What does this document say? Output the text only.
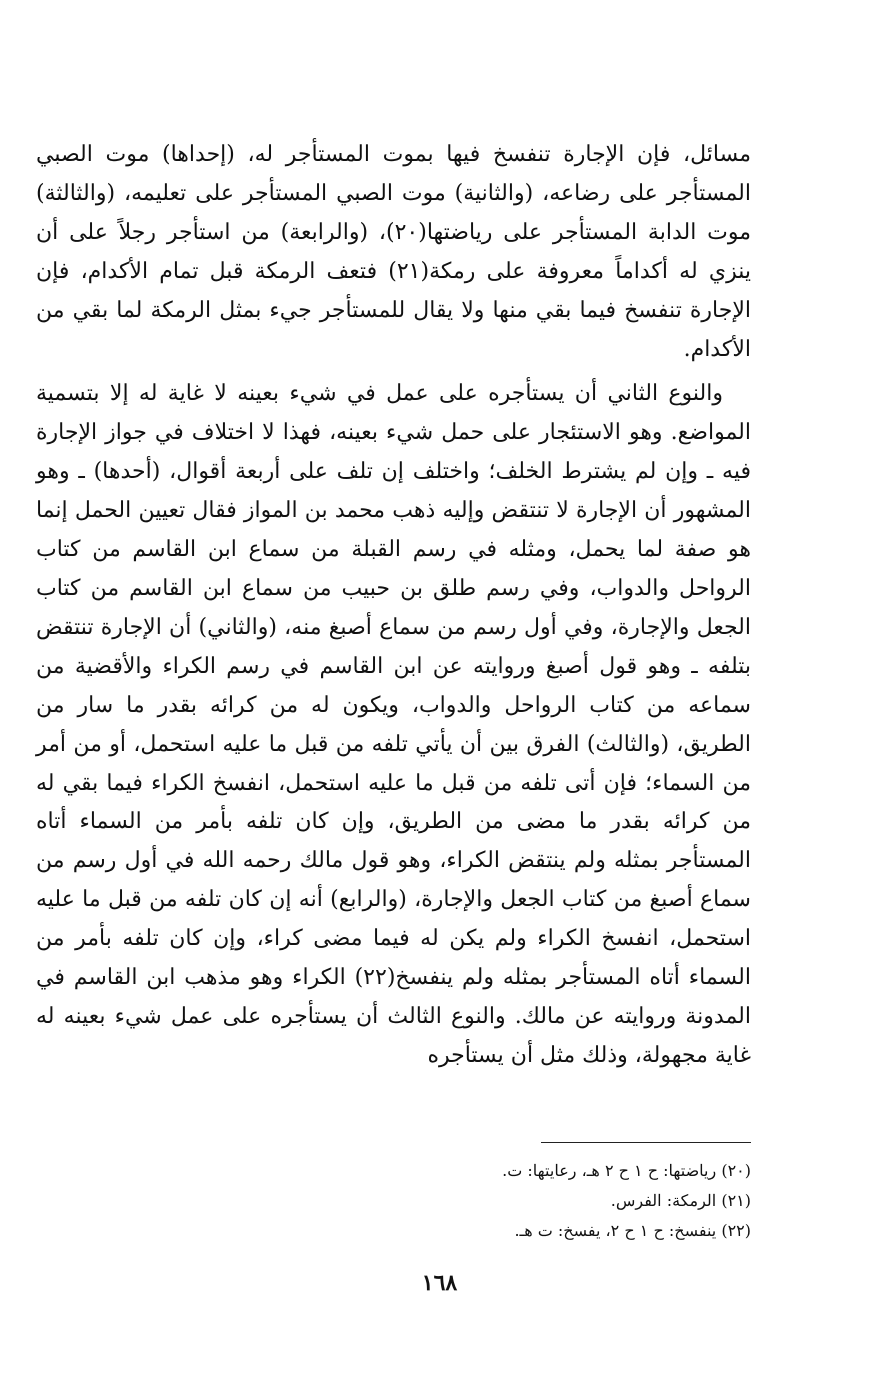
مسائل، فإن الإجارة تنفسخ فيها بموت المستأجر له، (إحداها) موت الصبي المستأجر على رضاعه، (والثانية) موت الصبي المستأجر على تعليمه، (والثالثة) موت الدابة المستأجر على رياضتها(٢٠)، (والرابعة) من استأجر رجلاً على أن ينزي له أكداماً معروفة على رمكة(٢١) فتعف الرمكة قبل تمام الأكدام، فإن الإجارة تنفسخ فيما بقي منها ولا يقال للمستأجر جيء بمثل الرمكة لما بقي من الأكدام.

والنوع الثاني أن يستأجره على عمل في شيء بعينه لا غاية له إلا بتسمية المواضع. وهو الاستئجار على حمل شيء بعينه، فهذا لا اختلاف في جواز الإجارة فيه ـ وإن لم يشترط الخلف؛ واختلف إن تلف على أربعة أقوال، (أحدها) ـ وهو المشهور أن الإجارة لا تنتقض وإليه ذهب محمد بن المواز فقال تعيين الحمل إنما هو صفة لما يحمل، ومثله في رسم القبلة من سماع ابن القاسم من كتاب الرواحل والدواب، وفي رسم طلق بن حبيب من سماع ابن القاسم من كتاب الجعل والإجارة، وفي أول رسم من سماع أصبغ منه، (والثاني) أن الإجارة تنتقض بتلفه ـ وهو قول أصبغ وروايته عن ابن القاسم في رسم الكراء والأقضية من سماعه من كتاب الرواحل والدواب، ويكون له من كرائه بقدر ما سار من الطريق، (والثالث) الفرق بين أن يأتي تلفه من قبل ما عليه استحمل، أو من أمر من السماء؛ فإن أتى تلفه من قبل ما عليه استحمل، انفسخ الكراء فيما بقي له من كرائه بقدر ما مضى من الطريق، وإن كان تلفه بأمر من السماء أتاه المستأجر بمثله ولم ينتقض الكراء، وهو قول مالك رحمه الله في أول رسم من سماع أصبغ من كتاب الجعل والإجارة، (والرابع) أنه إن كان تلفه من قبل ما عليه استحمل، انفسخ الكراء ولم يكن له فيما مضى كراء، وإن كان تلفه بأمر من السماء أتاه المستأجر بمثله ولم ينفسخ(٢٢) الكراء وهو مذهب ابن القاسم في المدونة وروايته عن مالك. والنوع الثالث أن يستأجره على عمل شيء بعينه له غاية مجهولة، وذلك مثل أن يستأجره

(٢٠) رياضتها: ح ١ ح ٢ هـ، رعايتها: ت.
(٢١) الرمكة: الفرس.
(٢٢) ينفسخ: ح ١ ح ٢، يفسخ: ت هـ.
١٦٨
